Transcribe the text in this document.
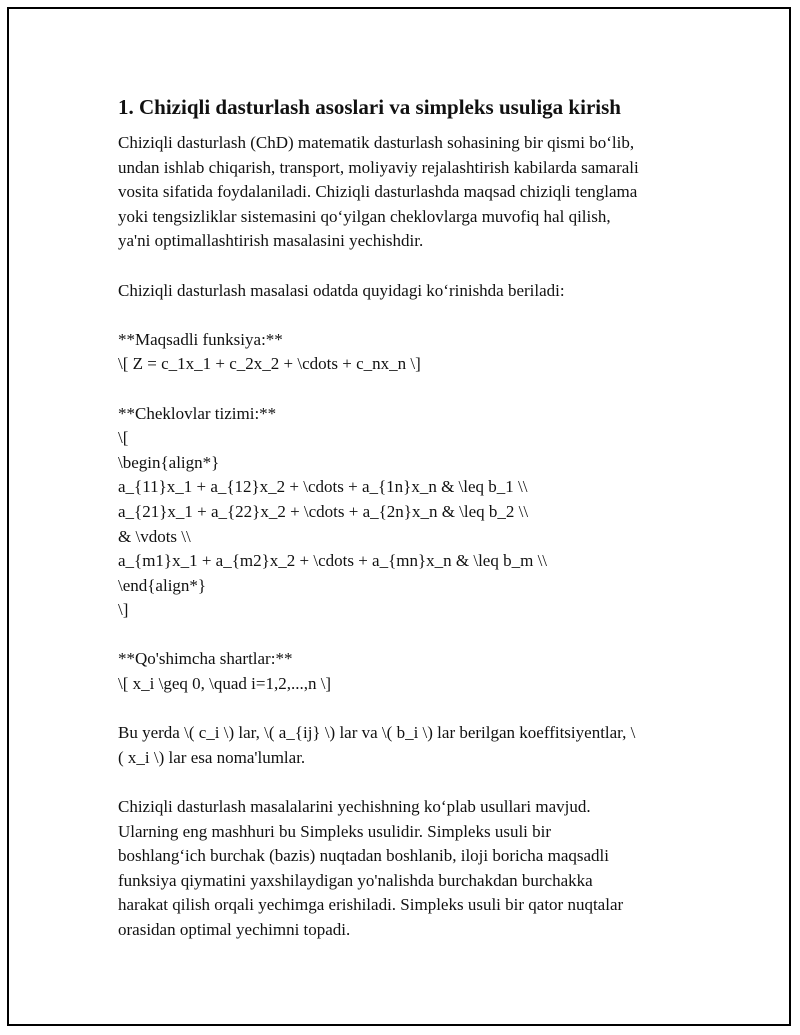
1. Chiziqli dasturlash asoslari va simpleks usuliga kirish
Chiziqli dasturlash (ChD) matematik dasturlash sohasining bir qismi bo‘lib,
undan ishlab chiqarish, transport, moliyaviy rejalashtirish kabilarda samarali
vosita sifatida foydalaniladi. Chiziqli dasturlashda maqsad chiziqli tenglama
yoki tengsizliklar sistemasini qo‘yilgan cheklovlarga muvofiq hal qilish,
ya'ni optimallashtirish masalasini yechishdir.
Chiziqli dasturlash masalasi odatda quyidagi ko‘rinishda beriladi:
**Maqsadli funksiya:**
\[ Z = c_1x_1 + c_2x_2 + \cdots + c_nx_n \]
**Cheklovlar tizimi:**
\[
\begin{align*}
a_{11}x_1 + a_{12}x_2 + \cdots + a_{1n}x_n & \leq b_1 \\
a_{21}x_1 + a_{22}x_2 + \cdots + a_{2n}x_n & \leq b_2 \\
& \vdots \\
a_{m1}x_1 + a_{m2}x_2 + \cdots + a_{mn}x_n & \leq b_m \\
\end{align*}
\]
**Qo'shimcha shartlar:**
\[ x_i \geq 0, \quad i=1,2,...,n \]
Bu yerda \( c_i \) lar, \( a_{ij} \) lar va \( b_i \) lar berilgan koeffitsiyentlar, \
( x_i \) lar esa noma'lumlar.
Chiziqli dasturlash masalalarini yechishning ko‘plab usullari mavjud.
Ularning eng mashhuri bu Simpleks usulidir. Simpleks usuli bir
boshlang‘ich burchak (bazis) nuqtadan boshlanib, iloji boricha maqsadli
funksiya qiymatini yaxshilaydigan yo'nalishda burchakdan burchakka
harakat qilish orqali yechimga erishiladi. Simpleks usuli bir qator nuqtalar
orasidan optimal yechimni topadi.
